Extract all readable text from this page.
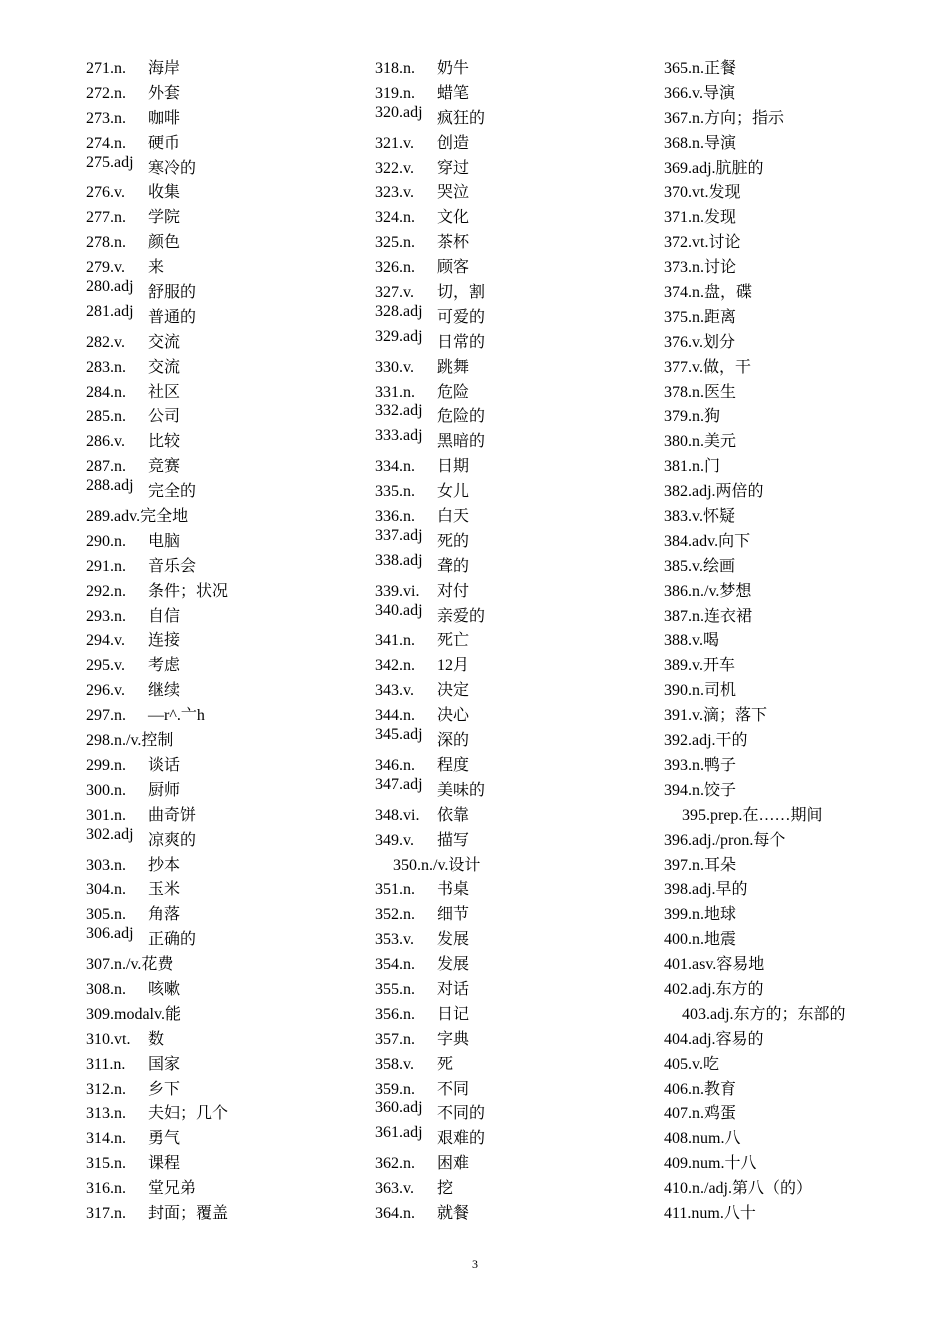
271.n. 海岸
272.n. 外套
273.n. 咖啡
274.n. 硬币
275.adj 寒冷的
276.v. 收集
277.n. 学院
278.n. 颜色
279.v. 来
280.adj 舒服的
281.adj 普通的
282.v. 交流
283.n. 交流
284.n. 社区
285.n. 公司
286.v. 比较
287.n. 竞赛
288.adj 完全的
289.adv.完全地
290.n. 电脑
291.n. 音乐会
292.n. 条件；状况
293.n. 自信
294.v. 连接
295.v. 考虑
296.v. 继续
297.n. —r^.亠h
298.n./v.控制
299.n. 谈话
300.n. 厨师
301.n. 曲奇饼
302.adj 凉爽的
303.n. 抄本
304.n. 玉米
305.n. 角落
306.adj 正确的
307.n./v.花费
308.n. 咳嗽
309.modalv.能
310.vt. 数
311.n. 国家
312.n. 乡下
313.n. 夫妇；几个
314.n. 勇气
315.n. 课程
316.n. 堂兄弟
317.n. 封面；覆盖
318.n. 奶牛
319.n. 蜡笔
320.adj 疯狂的
321.v. 创造
322.v. 穿过
323.v. 哭泣
324.n. 文化
325.n. 茶杯
326.n. 顾客
327.v. 切，割
328.adj 可爱的
329.adj 日常的
330.v. 跳舞
331.n. 危险
332.adj 危险的
333.adj 黑暗的
334.n. 日期
335.n. 女儿
336.n. 白天
337.adj 死的
338.adj 聋的
339.vi. 对付
340.adj 亲爱的
341.n. 死亡
342.n. 12月
343.v. 决定
344.n. 决心
345.adj 深的
346.n. 程度
347.adj 美味的
348.vi. 依靠
349.v. 描写
350.n./v.设计
351.n. 书桌
352.n. 细节
353.v. 发展
354.n. 发展
355.n. 对话
356.n. 日记
357.n. 字典
358.v. 死
359.n. 不同
360.adj 不同的
361.adj 艰难的
362.n. 困难
363.v. 挖
364.n. 就餐
365.n.正餐
366.v.导演
367.n.方向；指示
368.n.导演
369.adj.肮脏的
370.vt.发现
371.n.发现
372.vt.讨论
373.n.讨论
374.n.盘，碟
375.n.距离
376.v.划分
377.v.做，干
378.n.医生
379.n.狗
380.n.美元
381.n.门
382.adj.两倍的
383.v.怀疑
384.adv.向下
385.v.绘画
386.n./v.梦想
387.n.连衣裙
388.v.喝
389.v.开车
390.n.司机
391.v.滴；落下
392.adj.干的
393.n.鸭子
394.n.饺子
395.prep.在……期间
396.adj./pron.每个
397.n.耳朵
398.adj.早的
399.n.地球
400.n.地震
401.asv.容易地
402.adj.东方的
403.adj.东方的；东部的
404.adj.容易的
405.v.吃
406.n.教育
407.n.鸡蛋
408.num.八
409.num.十八
410.n./adj.第八（的）
411.num.八十
3
